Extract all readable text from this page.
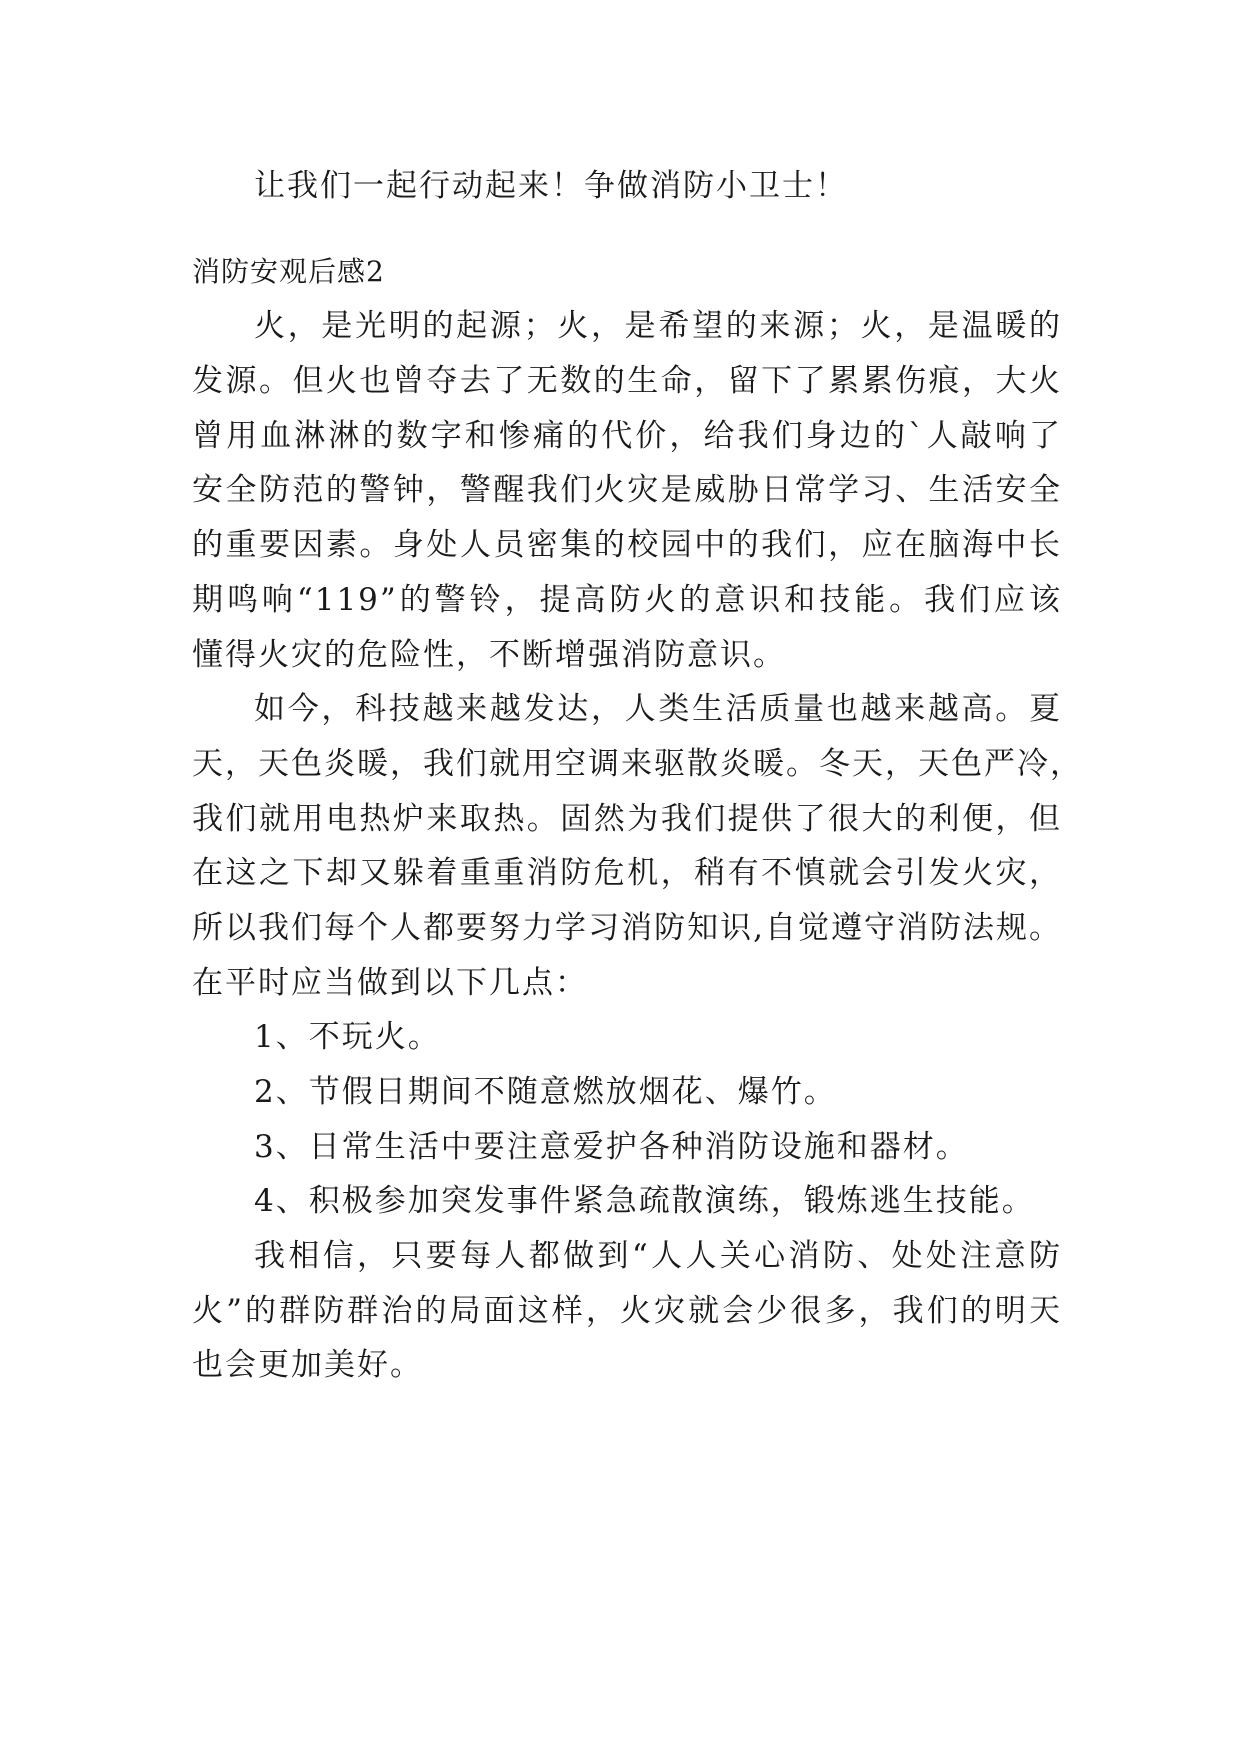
让我们一起行动起来！争做消防小卫士！
消防安观后感2
火，是光明的起源；火，是希望的来源；火，是温暖的
发源。但火也曾夺去了无数的生命，留下了累累伤痕，大火
曾用血淋淋的数字和惨痛的代价，给我们身边的`人敲响了
安全防范的警钟，警醒我们火灾是威胁日常学习、生活安全
的重要因素。身处人员密集的校园中的我们，应在脑海中长
期鸣响“119”的警铃，提高防火的意识和技能。我们应该
懂得火灾的危险性，不断增强消防意识。
如今，科技越来越发达，人类生活质量也越来越高。夏
天，天色炎暖，我们就用空调来驱散炎暖。冬天，天色严冷，
我们就用电热炉来取热。固然为我们提供了很大的利便，但
在这之下却又躲着重重消防危机，稍有不慎就会引发火灾，
所以我们每个人都要努力学习消防知识,自觉遵守消防法规。
在平时应当做到以下几点：
1、不玩火。
2、节假日期间不随意燃放烟花、爆竹。
3、日常生活中要注意爱护各种消防设施和器材。
4、积极参加突发事件紧急疏散演练，锻炼逃生技能。
我相信，只要每人都做到“人人关心消防、处处注意防
火”的群防群治的局面这样，火灾就会少很多，我们的明天
也会更加美好。
